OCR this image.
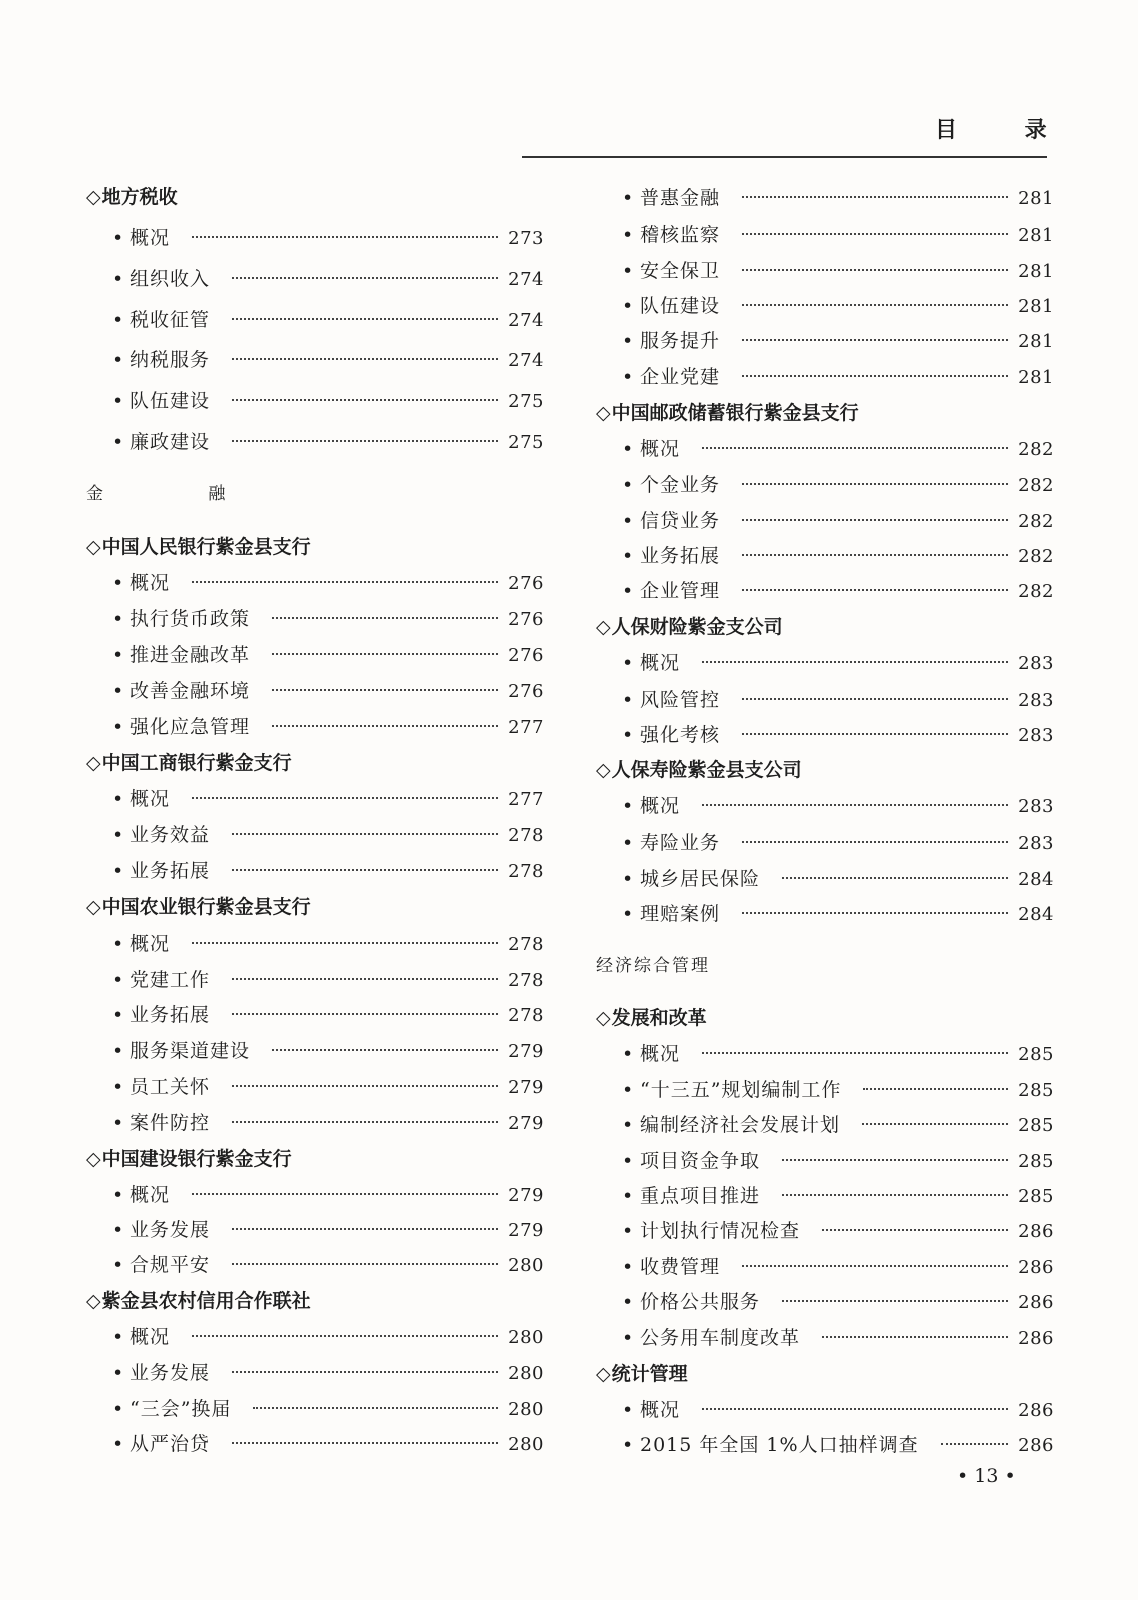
目 录
◇地方税收
• 概况	273
• 组织收入	274
• 税收征管	274
• 纳税服务	274
• 队伍建设	275
• 廉政建设	275
金 融
◇中国人民银行紫金县支行
• 概况	276
• 执行货币政策	276
• 推进金融改革	276
• 改善金融环境	276
• 强化应急管理	277
◇中国工商银行紫金支行
• 概况	277
• 业务效益	278
• 业务拓展	278
◇中国农业银行紫金县支行
• 概况	278
• 党建工作	278
• 业务拓展	278
• 服务渠道建设	279
• 员工关怀	279
• 案件防控	279
◇中国建设银行紫金支行
• 概况	279
• 业务发展	279
• 合规平安	280
◇紫金县农村信用合作联社
• 概况	280
• 业务发展	280
• “三会”换届	280
• 从严治贷	280
• 普惠金融	281
• 稽核监察	281
• 安全保卫	281
• 队伍建设	281
• 服务提升	281
• 企业党建	281
◇中国邮政储蓄银行紫金县支行
• 概况	282
• 个金业务	282
• 信贷业务	282
• 业务拓展	282
• 企业管理	282
◇人保财险紫金支公司
• 概况	283
• 风险管控	283
• 强化考核	283
◇人保寿险紫金县支公司
• 概况	283
• 寿险业务	283
• 城乡居民保险	284
• 理赔案例	284
经济综合管理
◇发展和改革
• 概况	285
• “十三五”规划编制工作	285
• 编制经济社会发展计划	285
• 项目资金争取	285
• 重点项目推进	285
• 计划执行情况检查	286
• 收费管理	286
• 价格公共服务	286
• 公务用车制度改革	286
◇统计管理
• 概况	286
• 2015 年全国 1%人口抽样调查	286
• 13 •
